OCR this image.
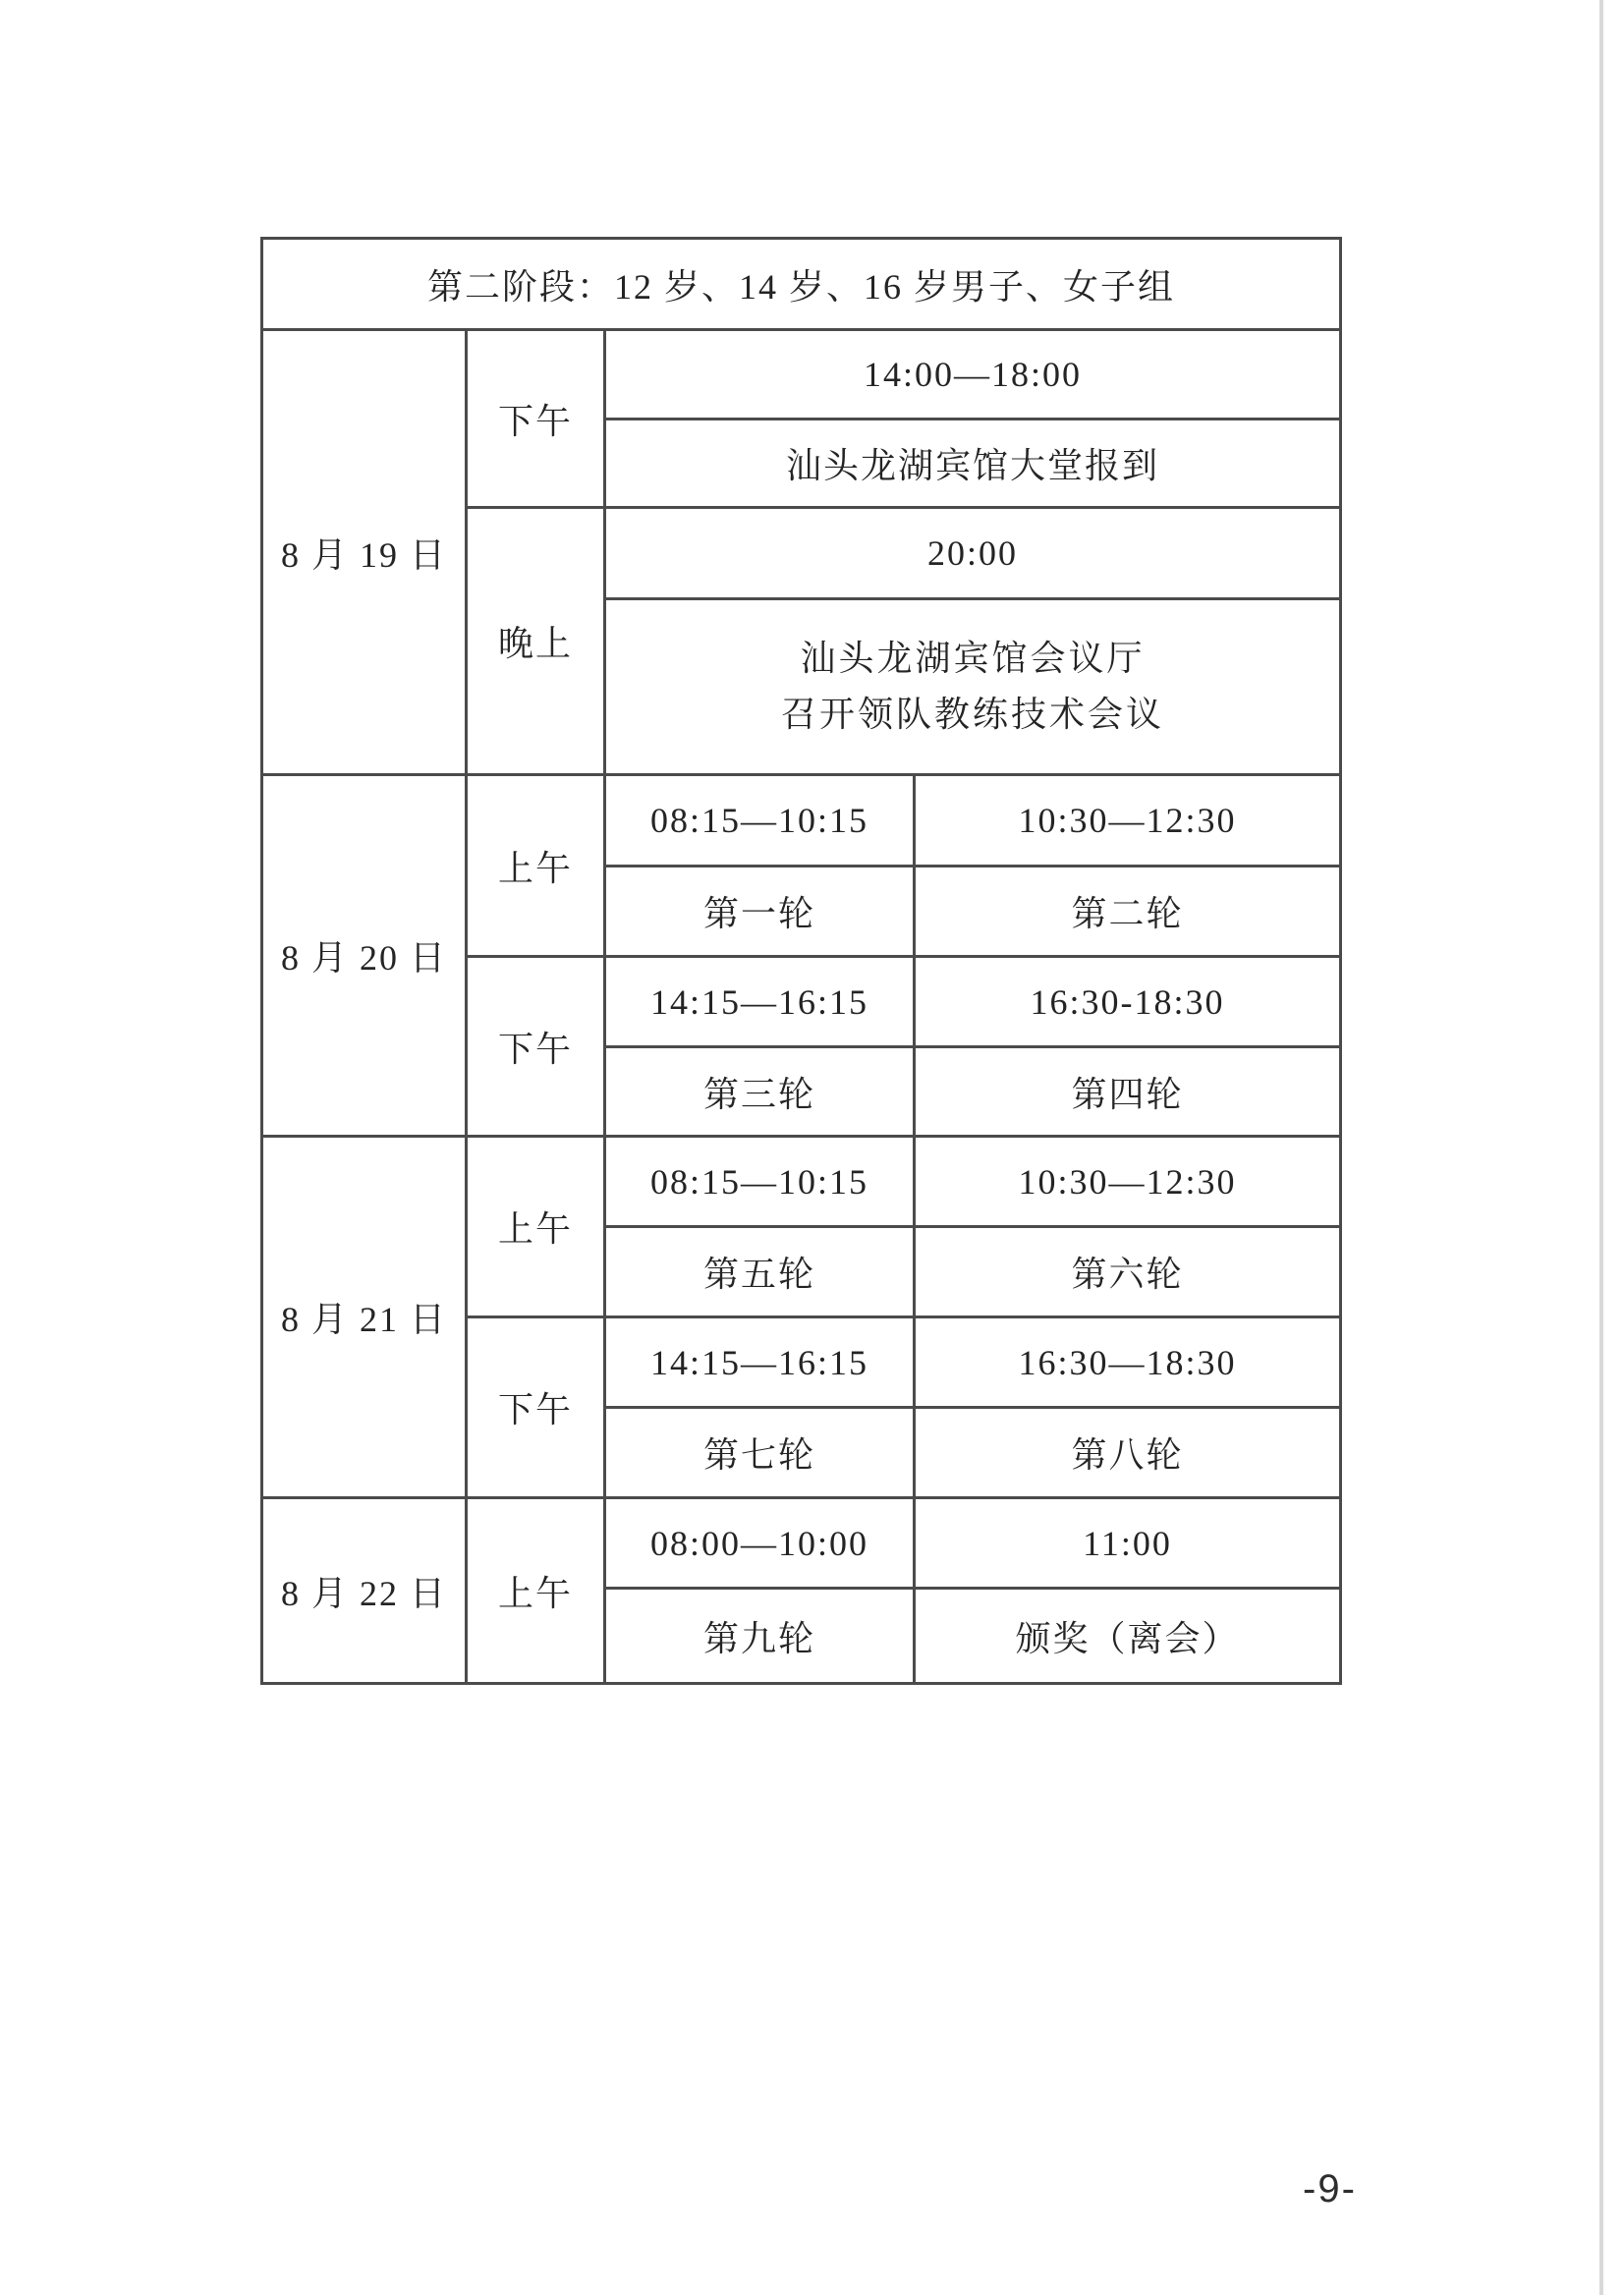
第二阶段：12 岁、14 岁、16 岁男子、女子组			
8 月 19 日	下午	14:00—18:00	
		汕头龙湖宾馆大堂报到	
	晚上	20:00	

		汕头龙湖宾馆会议厅
召开领队教练技术会议	

8 月 20 日	上午	08:15—10:15	10:30—12:30
		第一轮	第二轮
	下午	14:15—16:15	16:30-18:30
		第三轮	第四轮
8 月 21 日	上午	08:15—10:15	10:30—12:30
		第五轮	第六轮
	下午	14:15—16:15	16:30—18:30
		第七轮	第八轮
8 月 22 日	上午	08:00—10:00	11:00
		第九轮	颁奖（离会）
-9-
